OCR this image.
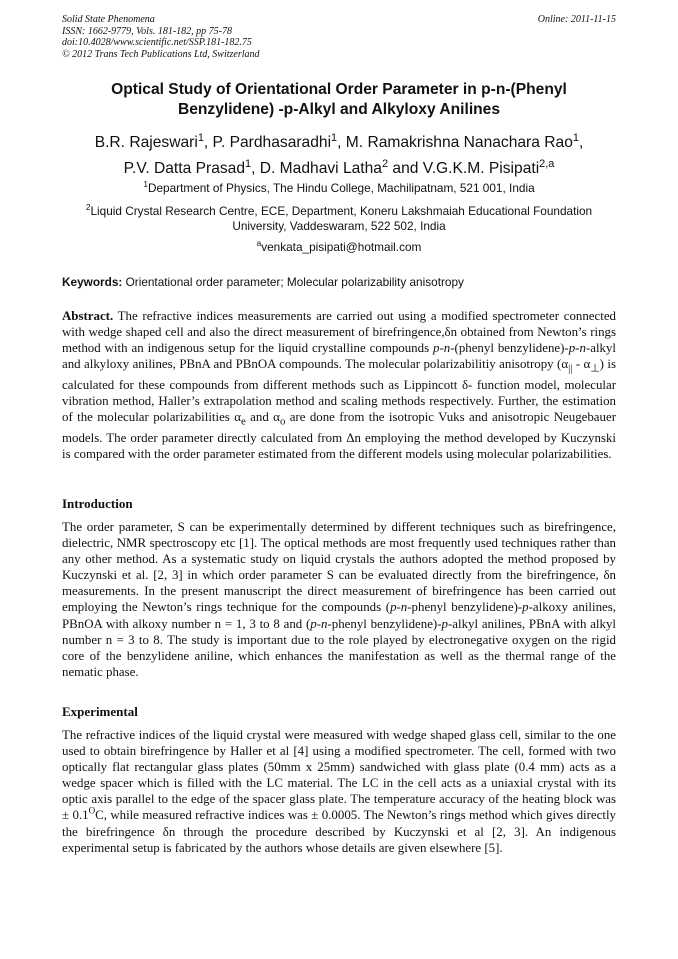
Solid State Phenomena
ISSN: 1662-9779, Vols. 181-182, pp 75-78
doi:10.4028/www.scientific.net/SSP.181-182.75
© 2012 Trans Tech Publications Ltd, Switzerland
Online: 2011-11-15
Optical Study of Orientational Order Parameter in p-n-(Phenyl Benzylidene) -p-Alkyl and Alkyloxy Anilines
B.R. Rajeswari$^1$, P. Pardhasaradhi$^1$, M. Ramakrishna Nanachara Rao$^1$,
P.V. Datta Prasad$^1$, D. Madhavi Latha$^2$ and V.G.K.M. Pisipati$^{2,a}$
$^1$Department of Physics, The Hindu College, Machilipatnam, 521 001, India
$^2$Liquid Crystal Research Centre, ECE, Department, Koneru Lakshmaiah Educational Foundation University, Vaddeswaram, 522 502, India
$^a$venkata_pisipati@hotmail.com
Keywords: Orientational order parameter; Molecular polarizability anisotropy
Abstract. The refractive indices measurements are carried out using a modified spectrometer connected with wedge shaped cell and also the direct measurement of birefringence,δn obtained from Newton’s rings method with an indigenous setup for the liquid crystalline compounds p-n-(phenyl benzylidene)-p-n-alkyl and alkyloxy anilines, PBnA and PBnOA compounds. The molecular polarizabilitiy anisotropy $(\alpha_{||} - \alpha_\perp)$ is calculated for these compounds from different methods such as Lippincott δ- function model, molecular vibration method, Haller’s extrapolation method and scaling methods respectively. Further, the estimation of the molecular polarizabilities $\alpha_e$ and $\alpha_o$ are done from the isotropic Vuks and anisotropic Neugebauer models. The order parameter directly calculated from Δn employing the method developed by Kuczynski is compared with the order parameter estimated from the different models using molecular polarizabilities.
Introduction
The order parameter, S can be experimentally determined by different techniques such as birefringence, dielectric, NMR spectroscopy etc [1]. The optical methods are most frequently used techniques rather than any other method. As a systematic study on liquid crystals the authors adopted the method proposed by Kuczynski et al. [2, 3] in which order parameter S can be evaluated directly from the birefringence, δn measurements. In the present manuscript the direct measurement of birefringence has been carried out employing the Newton’s rings technique for the compounds (p-n-phenyl benzylidene)-p-alkoxy anilines, PBnOA with alkoxy number n = 1, 3 to 8 and (p-n-phenyl benzylidene)-p-alkyl anilines, PBnA with alkyl number n = 3 to 8. The study is important due to the role played by electronegative oxygen on the rigid core of the benzylidene aniline, which enhances the manifestation as well as the thermal range of the nematic phase.
Experimental
The refractive indices of the liquid crystal were measured with wedge shaped glass cell, similar to the one used to obtain birefringence by Haller et al [4] using a modified spectrometer. The cell, formed with two optically flat rectangular glass plates (50mm x 25mm) sandwiched with glass plate (0.4 mm) acts as a wedge spacer which is filled with the LC material. The LC in the cell acts as a uniaxial crystal with its optic axis parallel to the edge of the spacer glass plate. The temperature accuracy of the heating block was ± $0.1^OC$, while measured refractive indices was ± 0.0005. The Newton’s rings method which gives directly the birefringence δn through the procedure described by Kuczynski et al [2, 3]. An indigenous experimental setup is fabricated by the authors whose details are given elsewhere [5].
